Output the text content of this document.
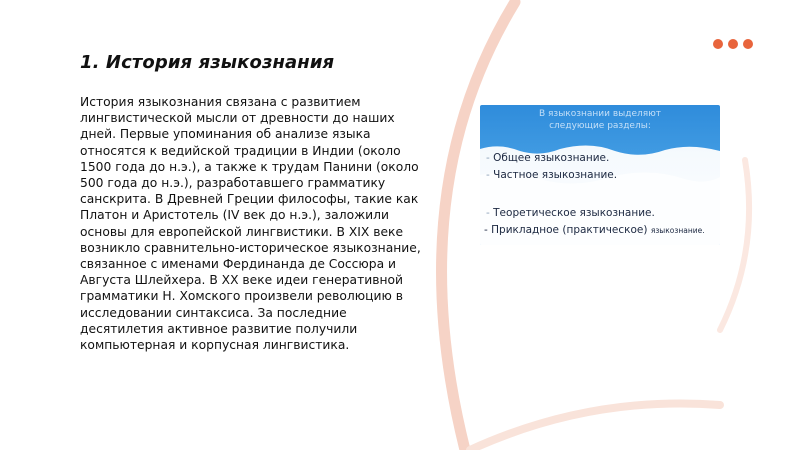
1. История языкознания

История языкознания связана с развитием лингвистической мысли от древности до наших дней. Первые упоминания об анализе языка относятся к ведийской традиции в Индии (около 1500 года до н.э.), а также к трудам Панини (около 500 года до н.э.), разработавшего грамматику санскрита. В Древней Греции философы, такие как Платон и Аристотель (IV век до н.э.), заложили основы для европейской лингвистики. В XIX веке возникло сравнительно-историческое языкознание, связанное с именами Фердинанда де Соссюра и Августа Шлейхера. В XX веке идеи генеративной грамматики Н. Хомского произвели революцию в исследовании синтаксиса. За последние десятилетия активное развитие получили компьютерная и корпусная лингвистика.

В языкознании выделяют
следующие разделы:

- Общее языкознание.
- Частное языкознание.
- Теоретическое языкознание.
- Прикладное (практическое) языкознание.
